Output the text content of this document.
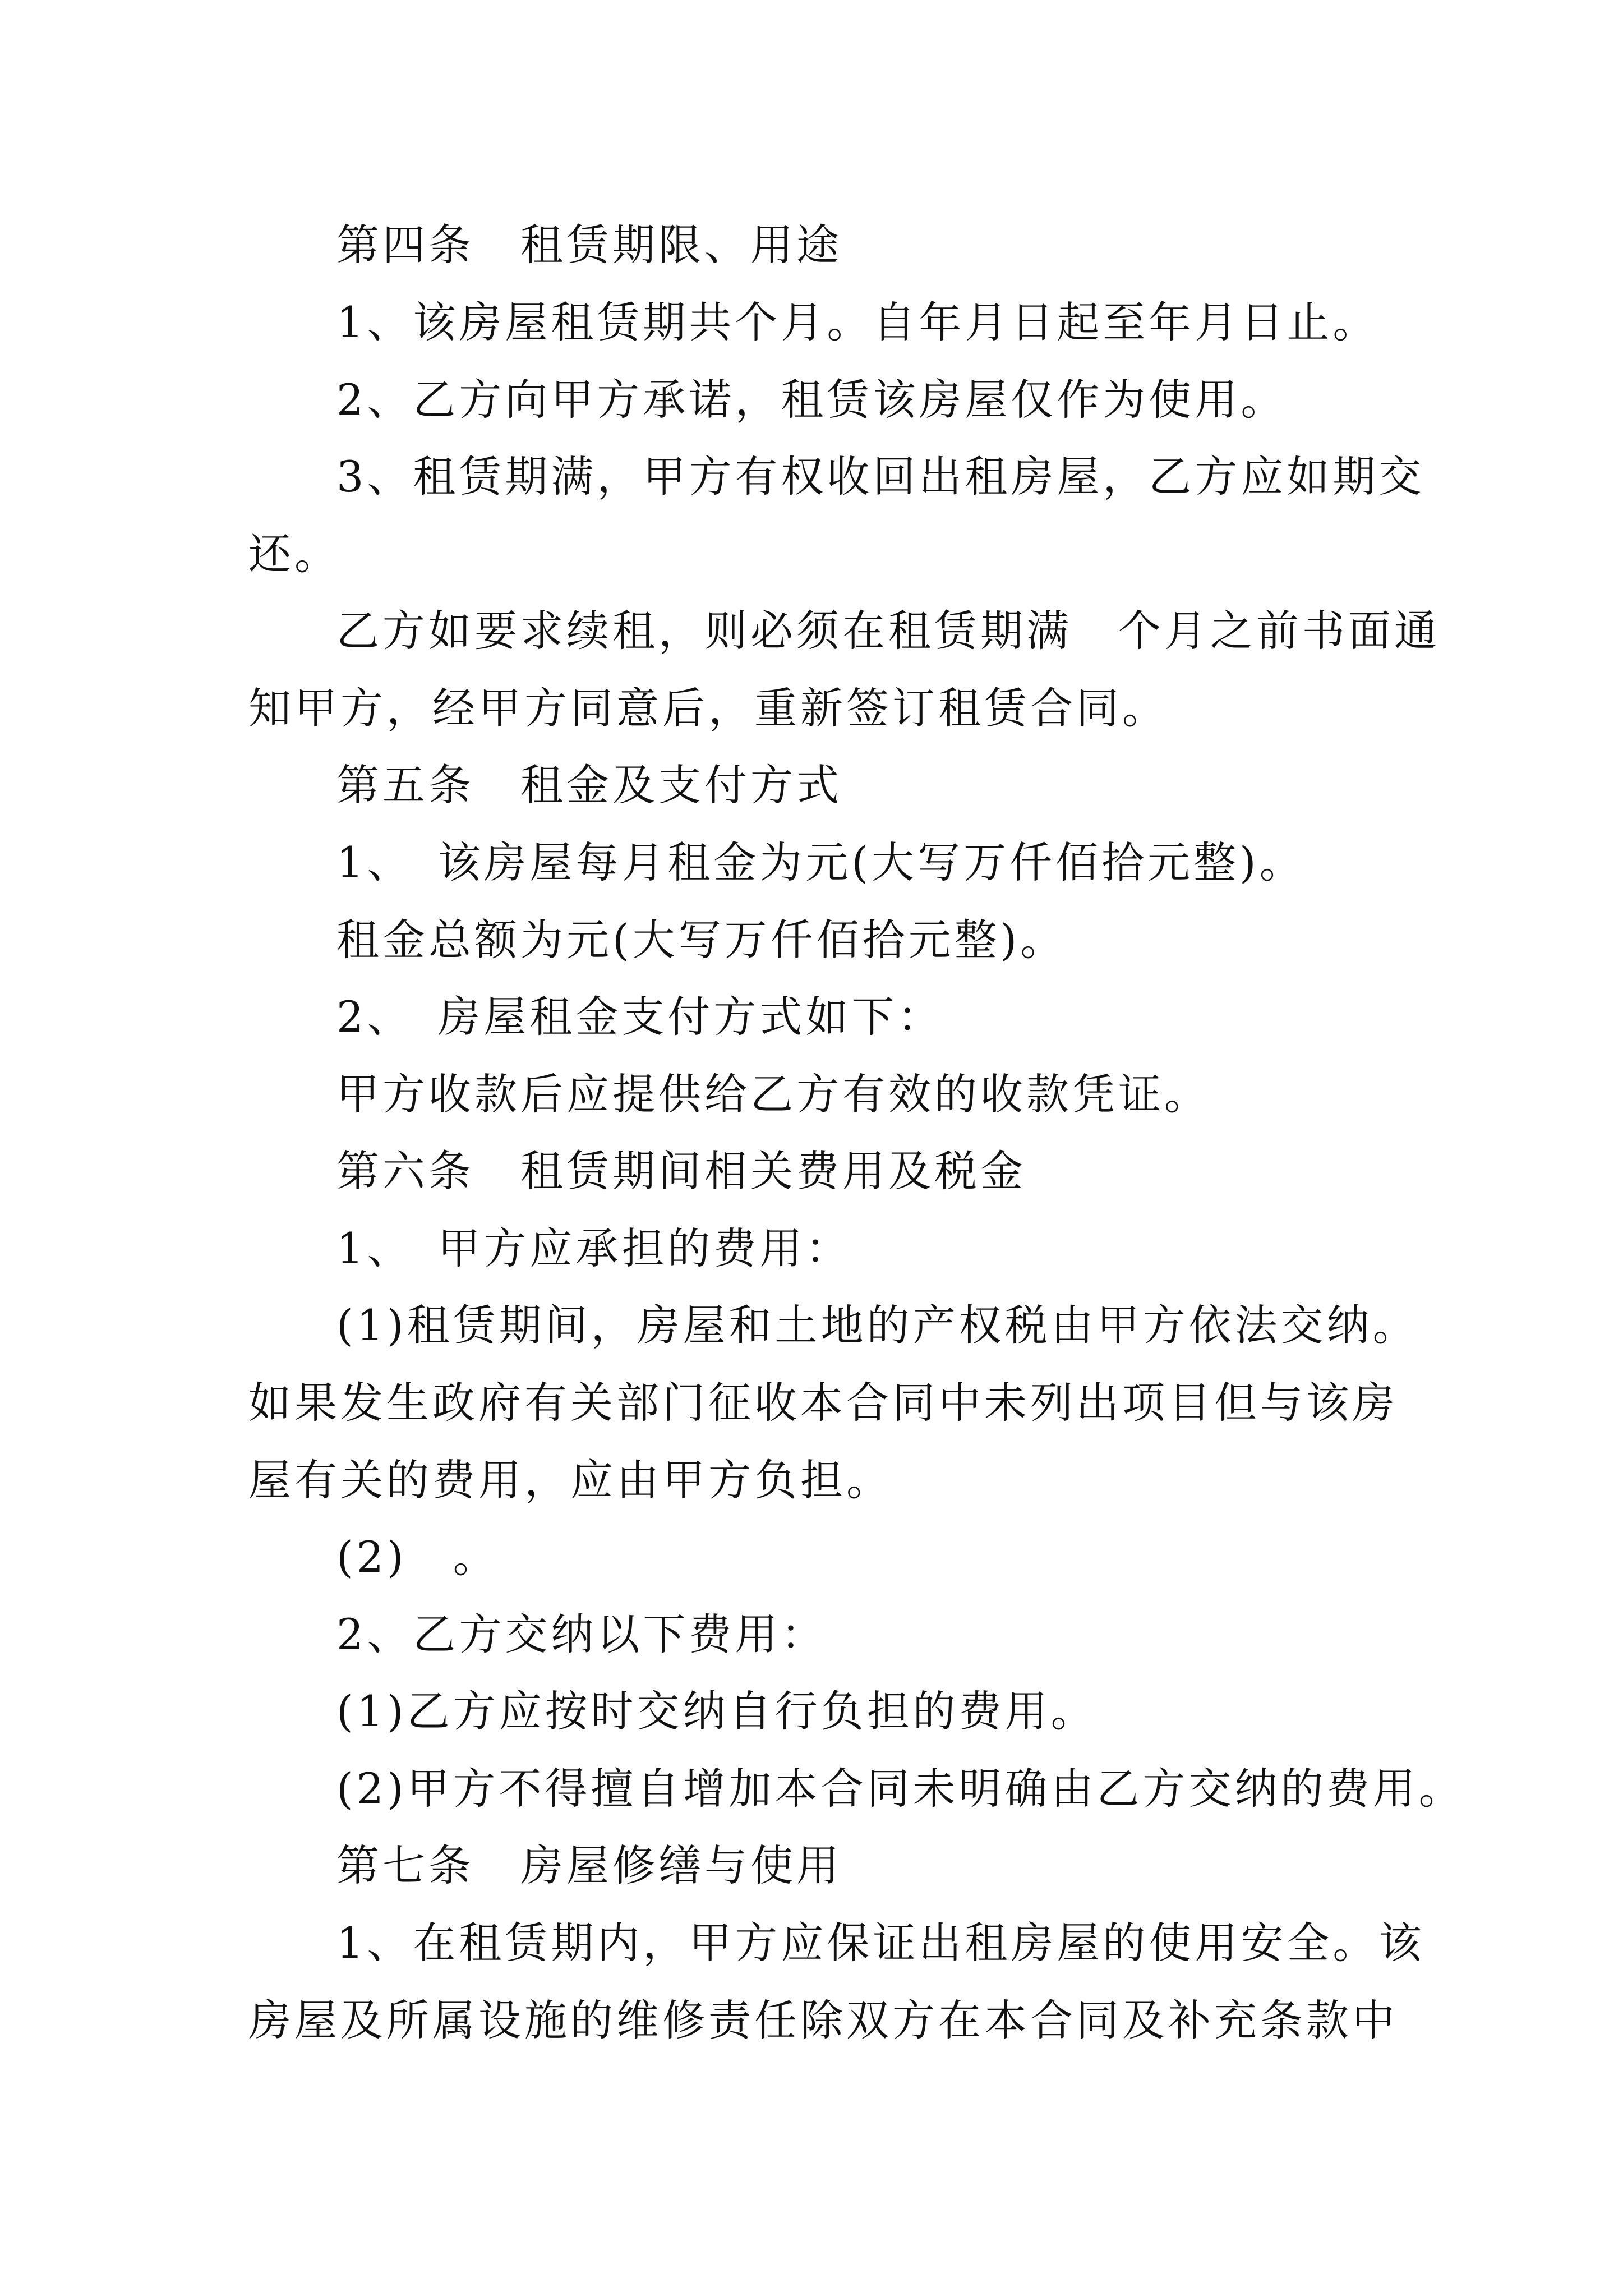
第四条　租赁期限、用途
1、该房屋租赁期共个月。自年月日起至年月日止。
2、乙方向甲方承诺，租赁该房屋仅作为使用。
3、租赁期满，甲方有权收回出租房屋，乙方应如期交
还。
乙方如要求续租，则必须在租赁期满　个月之前书面通
知甲方，经甲方同意后，重新签订租赁合同。
第五条　租金及支付方式
1、　该房屋每月租金为元(大写万仟佰拾元整)。
租金总额为元(大写万仟佰拾元整)。
2、　房屋租金支付方式如下：
甲方收款后应提供给乙方有效的收款凭证。
第六条　租赁期间相关费用及税金
1、　甲方应承担的费用：
(1)租赁期间，房屋和土地的产权税由甲方依法交纳。
如果发生政府有关部门征收本合同中未列出项目但与该房
屋有关的费用，应由甲方负担。
(2)　。
2、乙方交纳以下费用：
(1)乙方应按时交纳自行负担的费用。
(2)甲方不得擅自增加本合同未明确由乙方交纳的费用。
第七条　房屋修缮与使用
1、在租赁期内，甲方应保证出租房屋的使用安全。该
房屋及所属设施的维修责任除双方在本合同及补充条款中
